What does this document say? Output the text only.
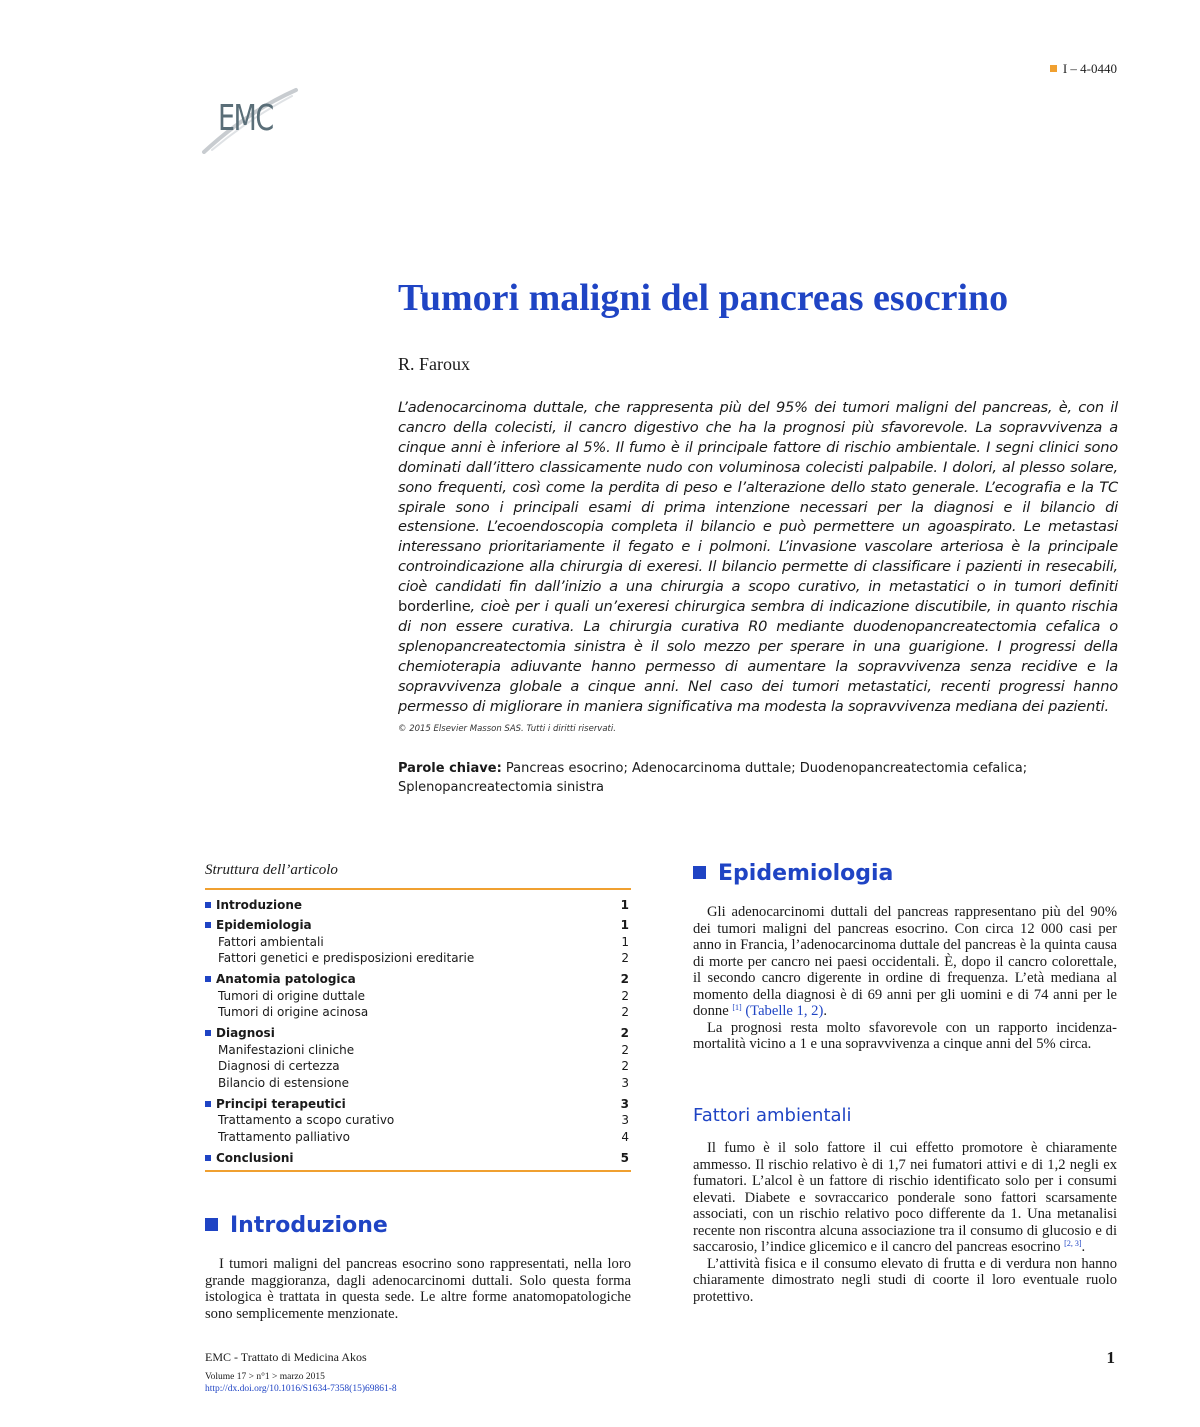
EMC
I – 4-0440
Tumori maligni del pancreas esocrino
R. Faroux
L’adenocarcinoma duttale, che rappresenta più del 95% dei tumori maligni del pancreas, è, con il cancro della colecisti, il cancro digestivo che ha la prognosi più sfavorevole. La sopravvivenza a cinque anni è inferiore al 5%. Il fumo è il principale fattore di rischio ambientale. I segni clinici sono dominati dall’ittero classicamente nudo con voluminosa colecisti palpabile. I dolori, al plesso solare, sono frequenti, così come la perdita di peso e l’alterazione dello stato generale. L’ecografia e la TC spirale sono i principali esami di prima intenzione necessari per la diagnosi e il bilancio di estensione. L’ecoendoscopia completa il bilancio e può permettere un agoaspirato. Le metastasi interessano prioritariamente il fegato e i polmoni. L’invasione vascolare arteriosa è la principale controindicazione alla chirurgia di exeresi. Il bilancio permette di classificare i pazienti in resecabili, cioè candidati fin dall’inizio a una chirurgia a scopo curativo, in metastatici o in tumori definiti borderline, cioè per i quali un’exeresi chirurgica sembra di indicazione discutibile, in quanto rischia di non essere curativa. La chirurgia curativa R0 mediante duodenopancreatectomia cefalica o splenopancreatectomia sinistra è il solo mezzo per sperare in una guarigione. I progressi della chemioterapia adiuvante hanno permesso di aumentare la sopravvivenza senza recidive e la sopravvivenza globale a cinque anni. Nel caso dei tumori metastatici, recenti progressi hanno permesso di migliorare in maniera significativa ma modesta la sopravvivenza mediana dei pazienti.
© 2015 Elsevier Masson SAS. Tutti i diritti riservati.
Parole chiave: Pancreas esocrino; Adenocarcinoma duttale; Duodenopancreatectomia cefalica; Splenopancreatectomia sinistra
Struttura dell’articolo
Introduzione	1
Epidemiologia	1
Fattori ambientali	1
Fattori genetici e predisposizioni ereditarie	2
Anatomia patologica	2
Tumori di origine duttale	2
Tumori di origine acinosa	2
Diagnosi	2
Manifestazioni cliniche	2
Diagnosi di certezza	2
Bilancio di estensione	3
Principi terapeutici	3
Trattamento a scopo curativo	3
Trattamento palliativo	4
Conclusioni	5
Introduzione

I tumori maligni del pancreas esocrino sono rappresentati, nella loro grande maggioranza, dagli adenocarcinomi duttali. Solo questa forma istologica è trattata in questa sede. Le altre forme anatomopatologiche sono semplicemente menzionate.

Epidemiologia

Gli adenocarcinomi duttali del pancreas rappresentano più del 90% dei tumori maligni del pancreas esocrino. Con circa 12 000 casi per anno in Francia, l’adenocarcinoma duttale del pancreas è la quinta causa di morte per cancro nei paesi occidentali. È, dopo il cancro colorettale, il secondo cancro digerente in ordine di frequenza. L’età mediana al momento della diagnosi è di 69 anni per gli uomini e di 74 anni per le donne [1] (Tabelle 1, 2).

La prognosi resta molto sfavorevole con un rapporto incidenza-mortalità vicino a 1 e una sopravvivenza a cinque anni del 5% circa.

Fattori ambientali

Il fumo è il solo fattore il cui effetto promotore è chiaramente ammesso. Il rischio relativo è di 1,7 nei fumatori attivi e di 1,2 negli ex fumatori. L’alcol è un fattore di rischio identificato solo per i consumi elevati. Diabete e sovraccarico ponderale sono fattori scarsamente associati, con un rischio relativo poco differente da 1. Una metanalisi recente non riscontra alcuna associazione tra il consumo di glucosio e di saccarosio, l’indice glicemico e il cancro del pancreas esocrino [2, 3].

L’attività fisica e il consumo elevato di frutta e di verdura non hanno chiaramente dimostrato negli studi di coorte il loro eventuale ruolo protettivo.

EMC - Trattato di Medicina Akos
Volume 17 > n°1 > marzo 2015
http://dx.doi.org/10.1016/S1634-7358(15)69861-8
1
